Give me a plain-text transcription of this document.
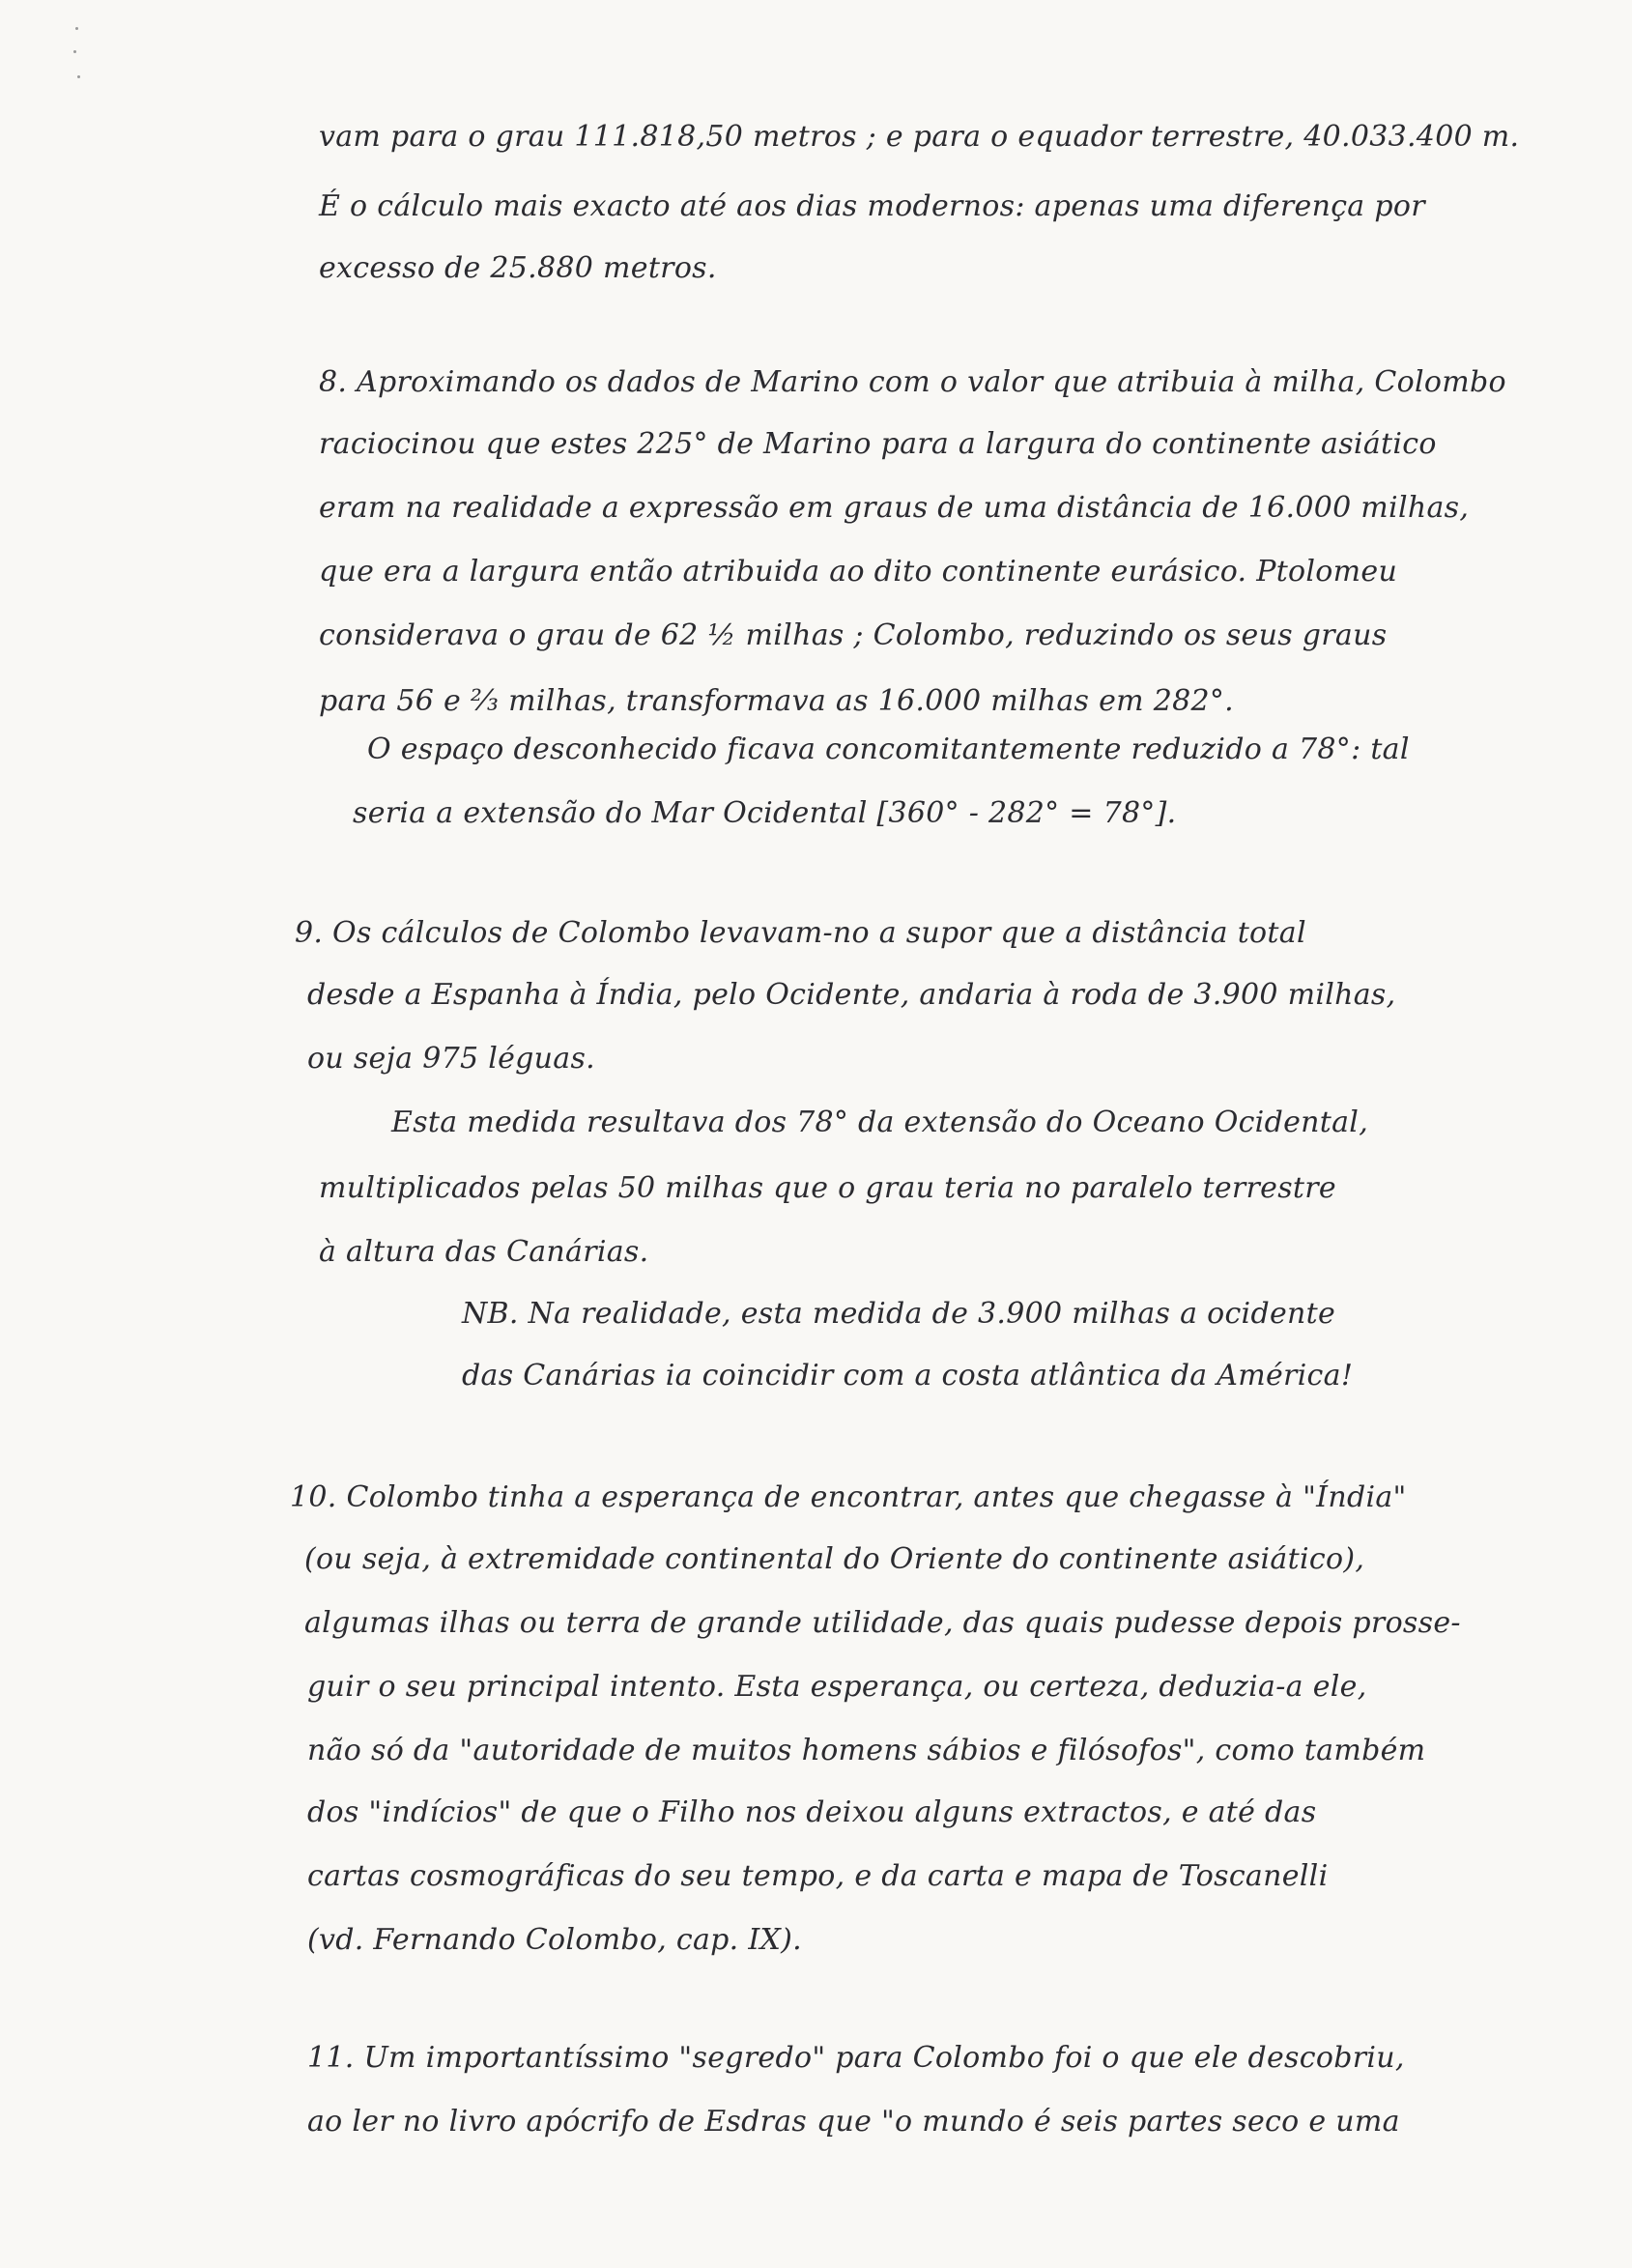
vam para o grau 111.818,50 metros ; e para o equador terrestre, 40.033.400 m.
É o cálculo mais exacto até aos dias modernos: apenas uma diferença por
excesso de 25.880 metros.
8. Aproximando os dados de Marino com o valor que atribuia à milha, Colombo
raciocinou que estes 225° de Marino para a largura do continente asiático
eram na realidade a expressão em graus de uma distância de 16.000 milhas,
que era a largura então atribuida ao dito continente eurásico. Ptolomeu
considerava o grau de 62 ½ milhas ; Colombo, reduzindo os seus graus
para 56 e ⅔ milhas, transformava as 16.000 milhas em 282°.
O espaço desconhecido ficava concomitantemente reduzido a 78°: tal
seria a extensão do Mar Ocidental [360° - 282° = 78°].
9. Os cálculos de Colombo levavam-no a supor que a distância total
desde a Espanha à Índia, pelo Ocidente, andaria à roda de 3.900 milhas,
ou seja 975 léguas.
Esta medida resultava dos 78° da extensão do Oceano Ocidental,
multiplicados pelas 50 milhas que o grau teria no paralelo terrestre
à altura das Canárias.
NB. Na realidade, esta medida de 3.900 milhas a ocidente
das Canárias ia coincidir com a costa atlântica da América!
10. Colombo tinha a esperança de encontrar, antes que chegasse à "Índia"
(ou seja, à extremidade continental do Oriente do continente asiático),
algumas ilhas ou terra de grande utilidade, das quais pudesse depois prosse-
guir o seu principal intento. Esta esperança, ou certeza, deduzia-a ele,
não só da "autoridade de muitos homens sábios e filósofos", como também
dos "indícios" de que o Filho nos deixou alguns extractos, e até das
cartas cosmográficas do seu tempo, e da carta e mapa de Toscanelli
(vd. Fernando Colombo, cap. IX).
11. Um importantíssimo "segredo" para Colombo foi o que ele descobriu,
ao ler no livro apócrifo de Esdras que "o mundo é seis partes seco e uma
